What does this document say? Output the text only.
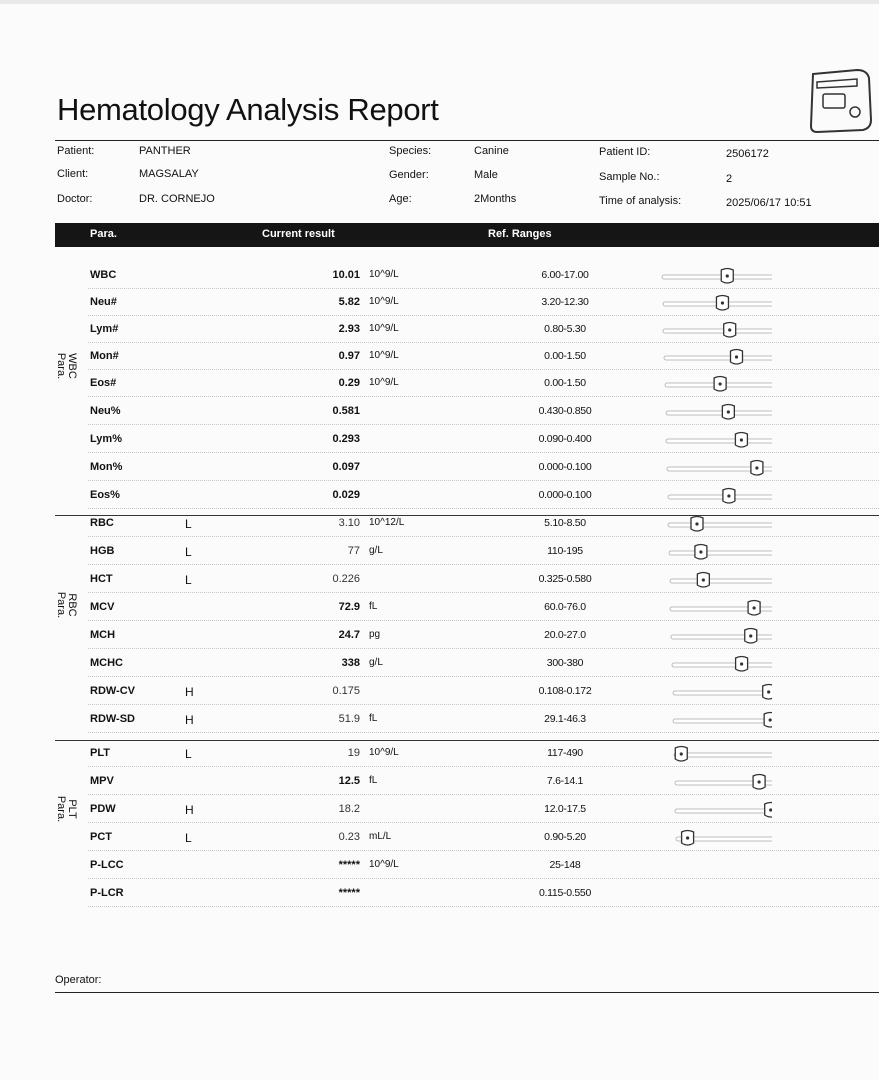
Hematology Analysis Report
Patient:	PANTHER
Client:	MAGSALAY
Doctor:	DR. CORNEJO
Species:	Canine
Gender:	Male
Age:	2Months
Patient ID:	2506172
Sample No.:	2
Time of analysis:	2025/06/17 10:51
Para.	Current result	Ref. Ranges
WBC
Para.
RBC
Para.
PLT
Para.
WBC	10.01 10^9/L	6.00-17.00
Neu#	5.82 10^9/L	3.20-12.30
Lym#	2.93 10^9/L	0.80-5.30
Mon#	0.97 10^9/L	0.00-1.50
Eos#	0.29 10^9/L	0.00-1.50
Neu%	0.581	0.430-0.850
Lym%	0.293	0.090-0.400
Mon%	0.097	0.000-0.100
Eos%	0.029	0.000-0.100
RBC	L	3.10 10^12/L	5.10-8.50
HGB	L	77 g/L	110-195
HCT	L	0.226	0.325-0.580
MCV	72.9 fL	60.0-76.0
MCH	24.7 pg	20.0-27.0
MCHC	338 g/L	300-380
RDW-CV	H	0.175	0.108-0.172
RDW-SD	H	51.9 fL	29.1-46.3
PLT	L	19 10^9/L	117-490
MPV	12.5 fL	7.6-14.1
PDW	H	18.2	12.0-17.5
PCT	L	0.23 mL/L	0.90-5.20
P-LCC	***** 10^9/L	25-148
P-LCR	*****	0.115-0.550
Operator:
